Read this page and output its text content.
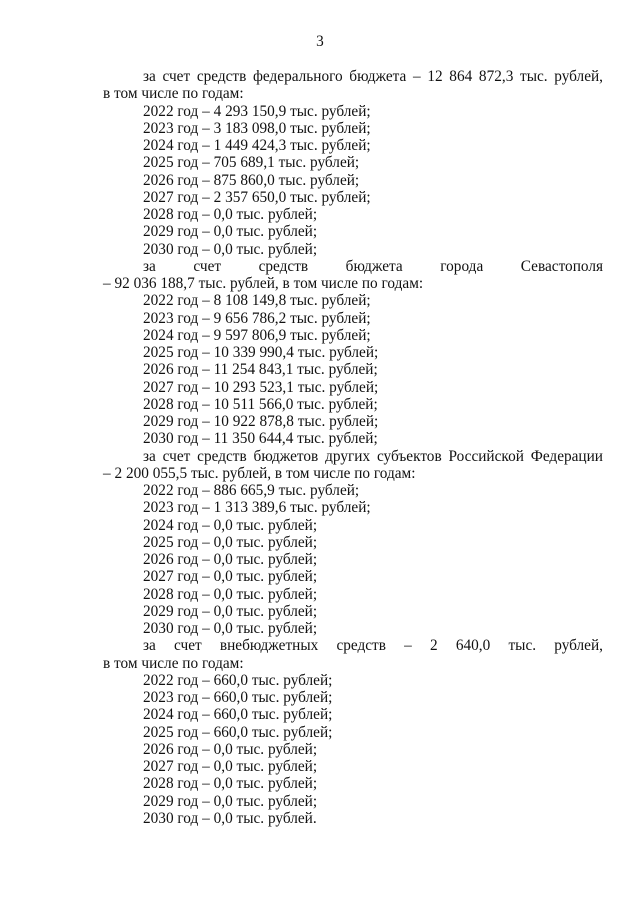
3
за счет средств федерального бюджета – 12 864 872,3 тыс. рублей,
в том числе по годам:
2022 год – 4 293 150,9 тыс. рублей;
2023 год – 3 183 098,0 тыс. рублей;
2024 год – 1 449 424,3 тыс. рублей;
2025 год – 705 689,1 тыс. рублей;
2026 год – 875 860,0 тыс. рублей;
2027 год – 2 357 650,0 тыс. рублей;
2028 год – 0,0 тыс. рублей;
2029 год – 0,0 тыс. рублей;
2030 год – 0,0 тыс. рублей;
за счет средств бюджета города Севастополя
– 92 036 188,7 тыс. рублей, в том числе по годам:
2022 год – 8 108 149,8 тыс. рублей;
2023 год – 9 656 786,2 тыс. рублей;
2024 год – 9 597 806,9 тыс. рублей;
2025 год – 10 339 990,4 тыс. рублей;
2026 год – 11 254 843,1 тыс. рублей;
2027 год – 10 293 523,1 тыс. рублей;
2028 год – 10 511 566,0 тыс. рублей;
2029 год – 10 922 878,8 тыс. рублей;
2030 год – 11 350 644,4 тыс. рублей;
за счет средств бюджетов других субъектов Российской Федерации
– 2 200 055,5 тыс. рублей, в том числе по годам:
2022 год – 886 665,9 тыс. рублей;
2023 год – 1 313 389,6 тыс. рублей;
2024 год – 0,0 тыс. рублей;
2025 год – 0,0 тыс. рублей;
2026 год – 0,0 тыс. рублей;
2027 год – 0,0 тыс. рублей;
2028 год – 0,0 тыс. рублей;
2029 год – 0,0 тыс. рублей;
2030 год – 0,0 тыс. рублей;
за счет внебюджетных средств – 2 640,0 тыс. рублей,
в том числе по годам:
2022 год – 660,0 тыс. рублей;
2023 год – 660,0 тыс. рублей;
2024 год – 660,0 тыс. рублей;
2025 год – 660,0 тыс. рублей;
2026 год – 0,0 тыс. рублей;
2027 год – 0,0 тыс. рублей;
2028 год – 0,0 тыс. рублей;
2029 год – 0,0 тыс. рублей;
2030 год – 0,0 тыс. рублей.
